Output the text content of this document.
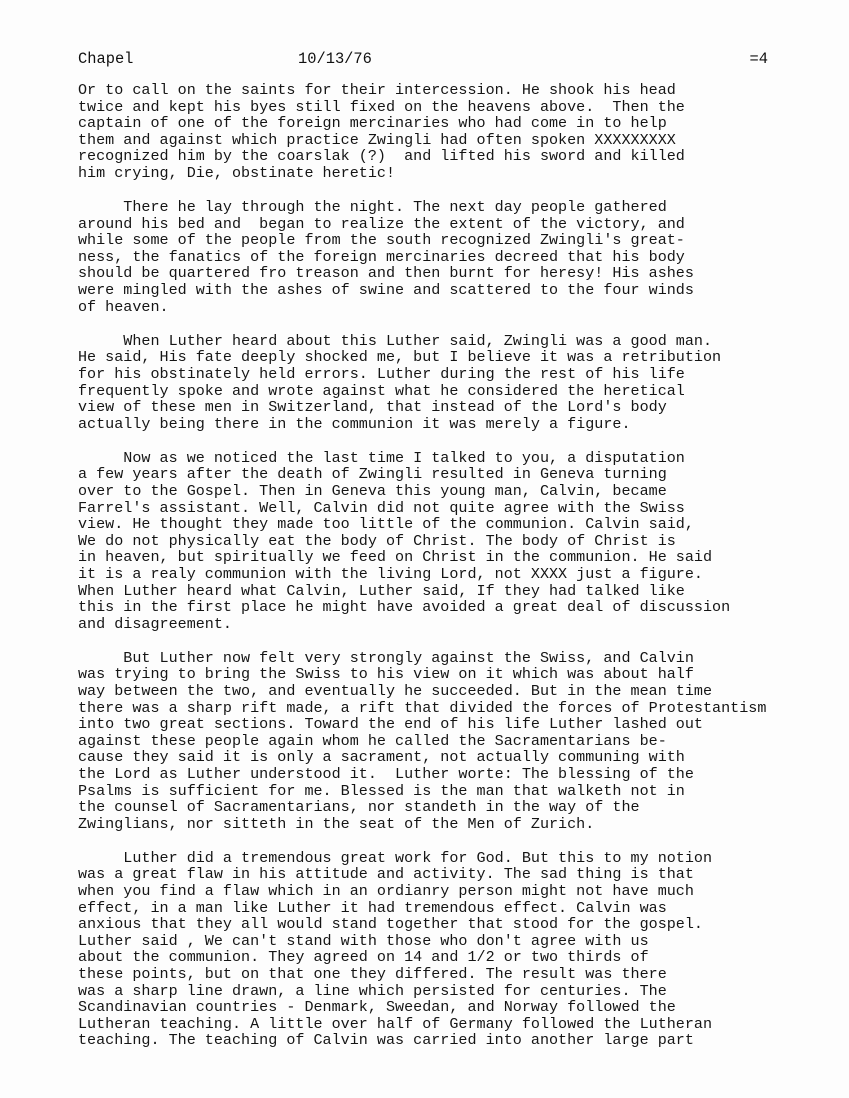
Chapel	10/13/76	=4
Or to call on the saints for their intercession. He shook his head
twice and kept his byes still fixed on the heavens above.  Then the
captain of one of the foreign mercinaries who had come in to help
them and against which practice Zwingli had often spoken XXXXXXXXX
recognized him by the coarslak (?)  and lifted his sword and killed
him crying, Die, obstinate heretic!
There he lay through the night. The next day people gathered
around his bed and  began to realize the extent of the victory, and
while some of the people from the south recognized Zwingli's great-
ness, the fanatics of the foreign mercinaries decreed that his body
should be quartered fro treason and then burnt for heresy! His ashes
were mingled with the ashes of swine and scattered to the four winds
of heaven.
When Luther heard about this Luther said, Zwingli was a good man.
He said, His fate deeply shocked me, but I believe it was a retribution
for his obstinately held errors. Luther during the rest of his life
frequently spoke and wrote against what he considered the heretical
view of these men in Switzerland, that instead of the Lord's body
actually being there in the communion it was merely a figure.
Now as we noticed the last time I talked to you, a disputation
a few years after the death of Zwingli resulted in Geneva turning
over to the Gospel. Then in Geneva this young man, Calvin, became
Farrel's assistant. Well, Calvin did not quite agree with the Swiss
view. He thought they made too little of the communion. Calvin said,
We do not physically eat the body of Christ. The body of Christ is
in heaven, but spiritually we feed on Christ in the communion. He said
it is a realy communion with the living Lord, not XXXX just a figure.
When Luther heard what Calvin, Luther said, If they had talked like
this in the first place he might have avoided a great deal of discussion
and disagreement.
But Luther now felt very strongly against the Swiss, and Calvin
was trying to bring the Swiss to his view on it which was about half
way between the two, and eventually he succeeded. But in the mean time
there was a sharp rift made, a rift that divided the forces of Protestantism
into two great sections. Toward the end of his life Luther lashed out
against these people again whom he called the Sacramentarians be-
cause they said it is only a sacrament, not actually communing with
the Lord as Luther understood it.  Luther worte: The blessing of the
Psalms is sufficient for me. Blessed is the man that walketh not in
the counsel of Sacramentarians, nor standeth in the way of the
Zwinglians, nor sitteth in the seat of the Men of Zurich.
Luther did a tremendous great work for God. But this to my notion
was a great flaw in his attitude and activity. The sad thing is that
when you find a flaw which in an ordianry person might not have much
effect, in a man like Luther it had tremendous effect. Calvin was
anxious that they all would stand together that stood for the gospel.
Luther said , We can't stand with those who don't agree with us
about the communion. They agreed on 14 and 1/2 or two thirds of
these points, but on that one they differed. The result was there
was a sharp line drawn, a line which persisted for centuries. The
Scandinavian countries - Denmark, Sweedan, and Norway followed the
Lutheran teaching. A little over half of Germany followed the Lutheran
teaching. The teaching of Calvin was carried into another large part
